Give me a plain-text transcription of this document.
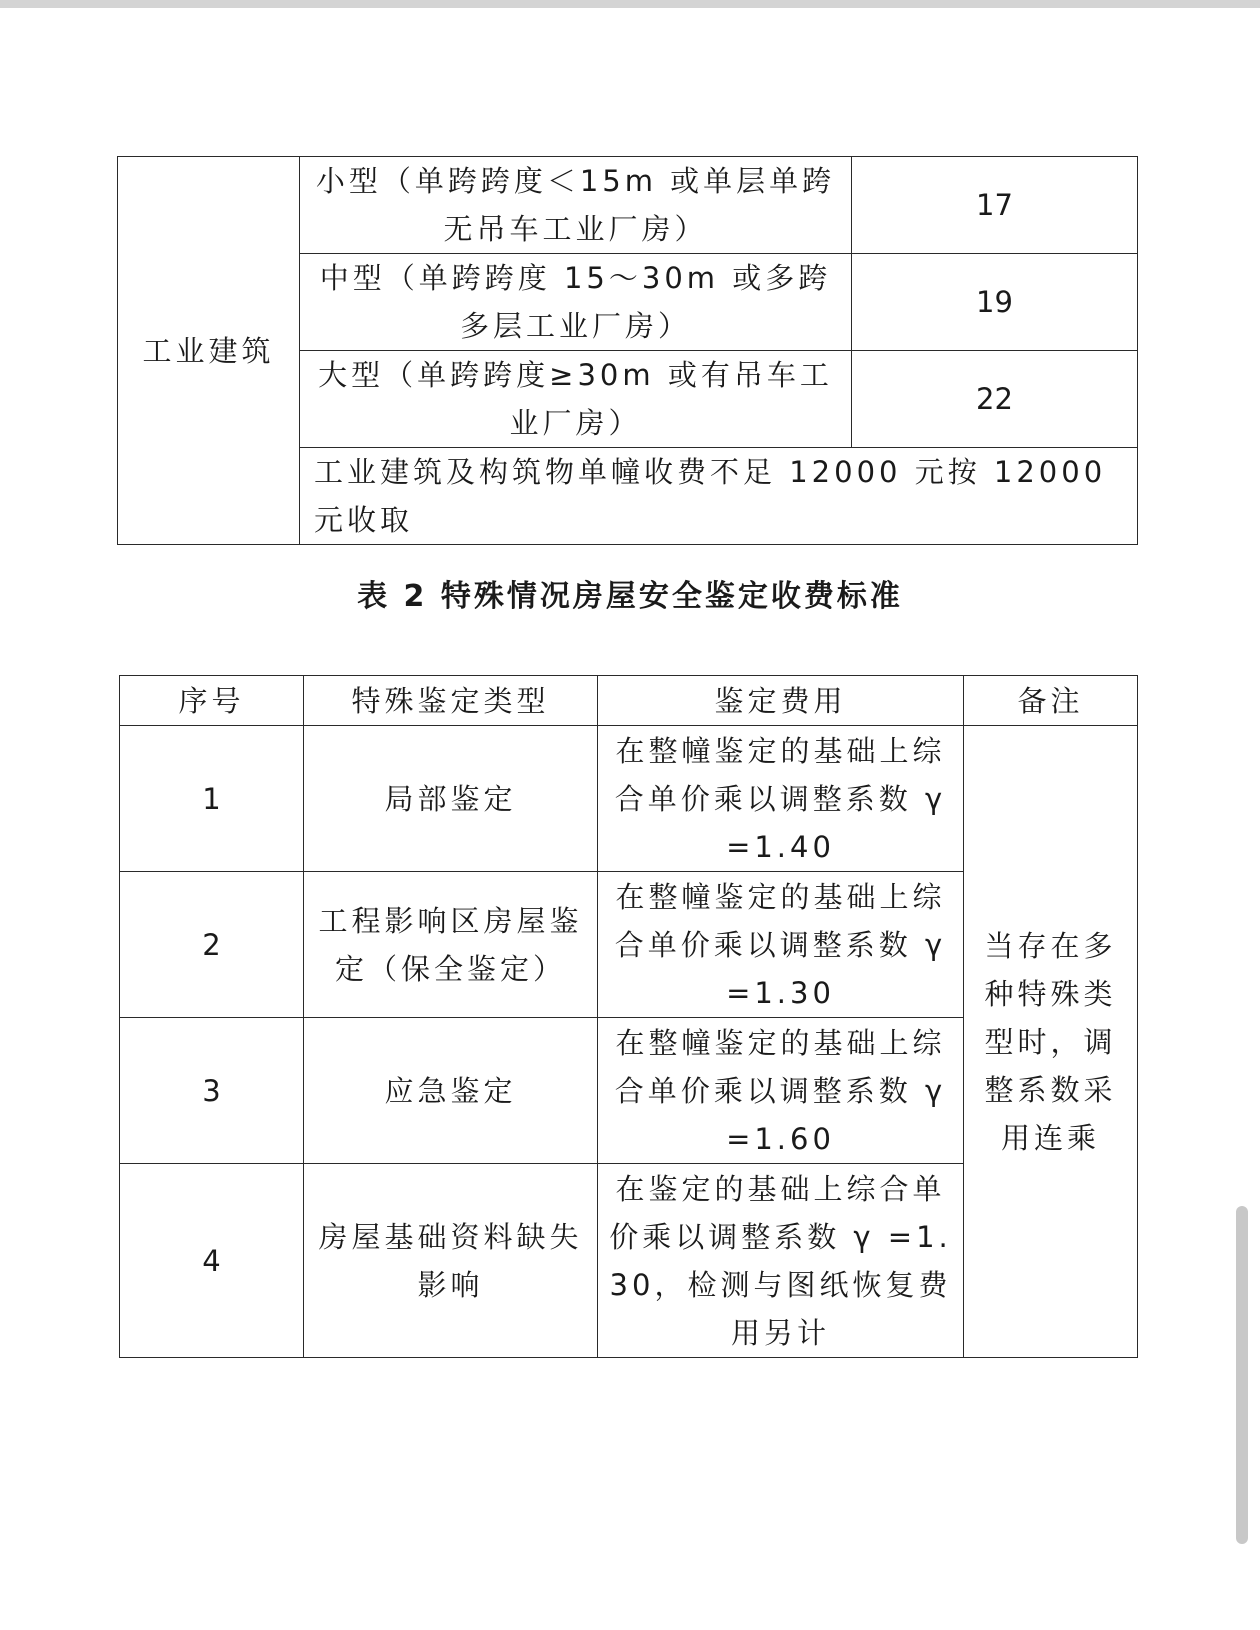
工业建筑	小型（单跨跨度＜15m 或单层单跨无吊车工业厂房）	17
	中型（单跨跨度 15～30m 或多跨多层工业厂房）	19
	大型（单跨跨度≥30m 或有吊车工业厂房）	22
	工业建筑及构筑物单幢收费不足 12000 元按 12000 元收取	
表 2 特殊情况房屋安全鉴定收费标准
序号	特殊鉴定类型	鉴定费用	备注
1	局部鉴定	在整幢鉴定的基础上综合单价乘以调整系数 γ =1.40	当存在多种特殊类型时，调整系数采用连乘
2	工程影响区房屋鉴定（保全鉴定）	在整幢鉴定的基础上综合单价乘以调整系数 γ =1.30	
3	应急鉴定	在整幢鉴定的基础上综合单价乘以调整系数 γ =1.60	
4	房屋基础资料缺失影响	在鉴定的基础上综合单价乘以调整系数 γ =1.30，检测与图纸恢复费用另计	
